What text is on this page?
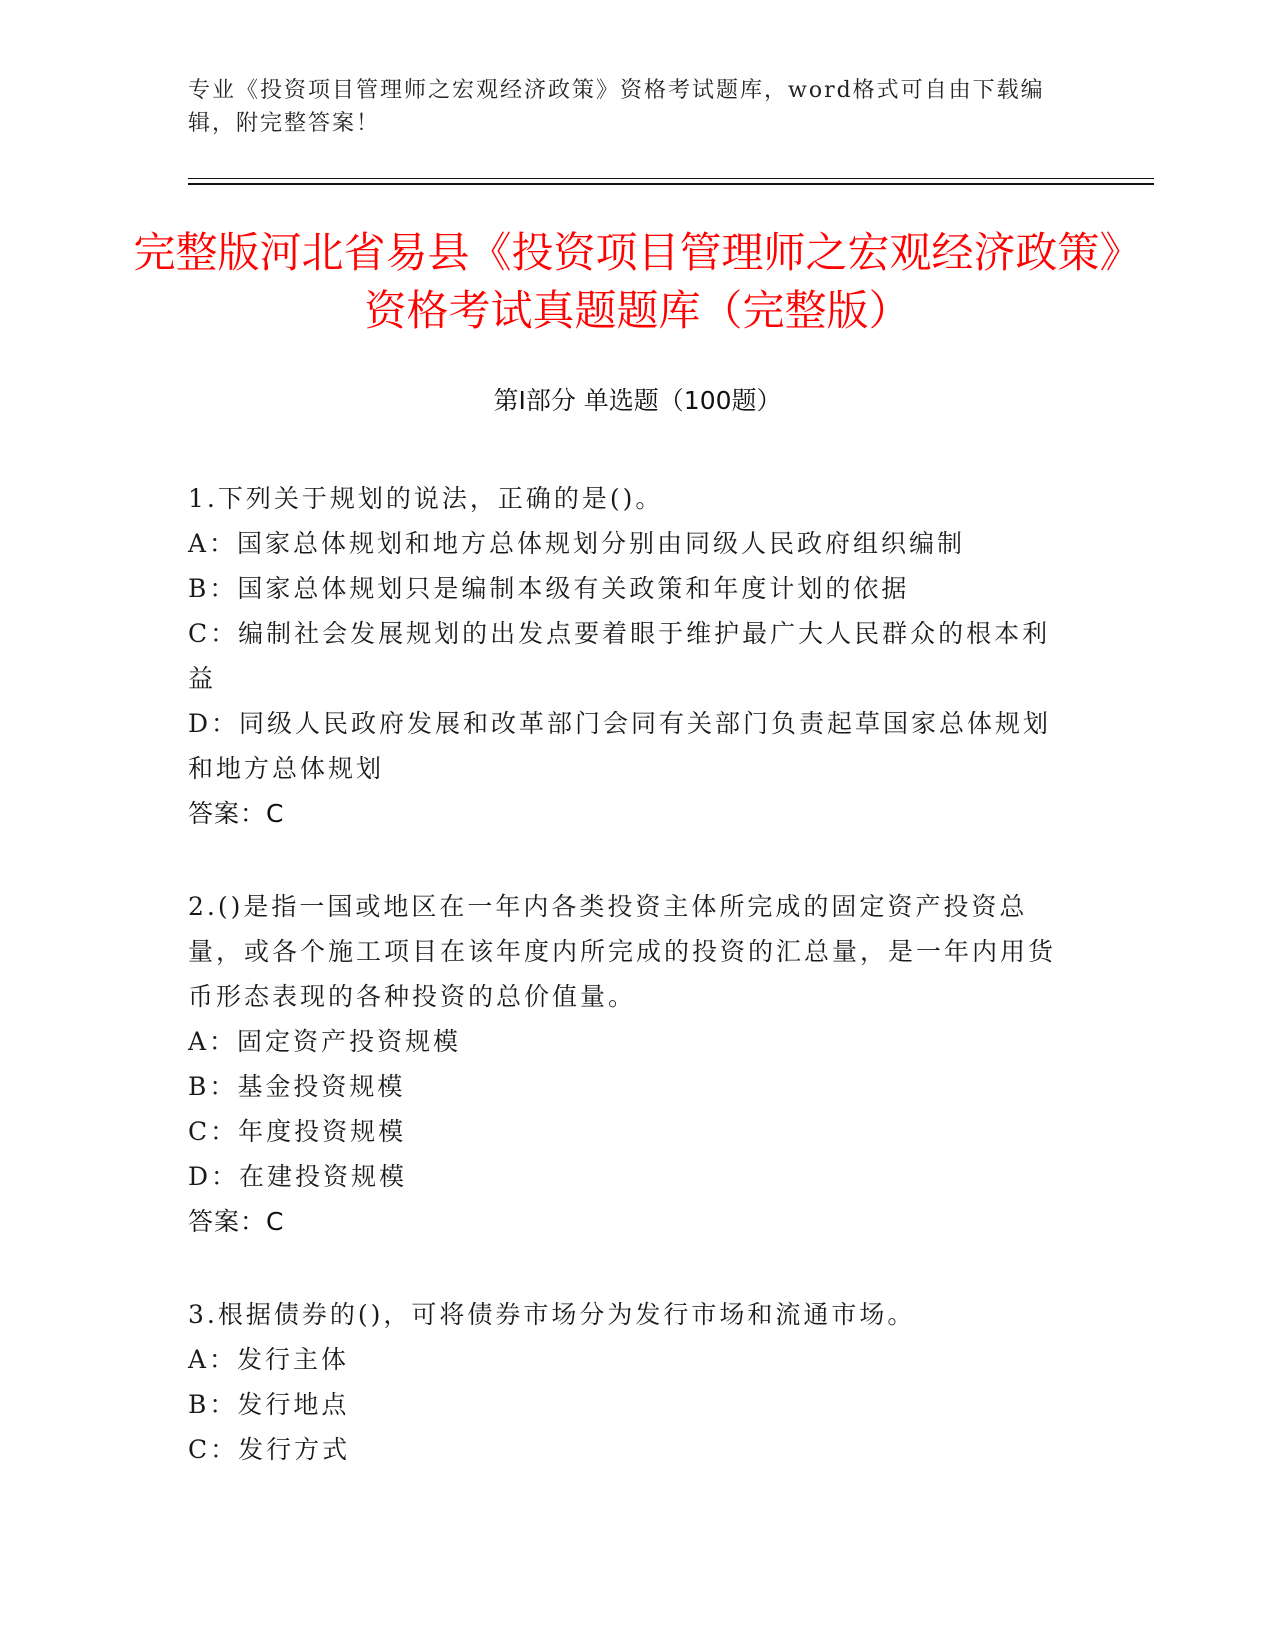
专业《投资项目管理师之宏观经济政策》资格考试题库，word格式可自由下载编辑，附完整答案！
完整版河北省易县《投资项目管理师之宏观经济政策》资格考试真题题库（完整版）
第Ⅰ部分 单选题（100题）

1.下列关于规划的说法，正确的是()。

A：国家总体规划和地方总体规划分别由同级人民政府组织编制

B：国家总体规划只是编制本级有关政策和年度计划的依据

C：编制社会发展规划的出发点要着眼于维护最广大人民群众的根本利益

D：同级人民政府发展和改革部门会同有关部门负责起草国家总体规划和地方总体规划

答案：C

2.()是指一国或地区在一年内各类投资主体所完成的固定资产投资总量，或各个施工项目在该年度内所完成的投资的汇总量，是一年内用货币形态表现的各种投资的总价值量。

A：固定资产投资规模

B：基金投资规模

C：年度投资规模

D：在建投资规模

答案：C

3.根据债券的()，可将债券市场分为发行市场和流通市场。

A：发行主体

B：发行地点

C：发行方式
